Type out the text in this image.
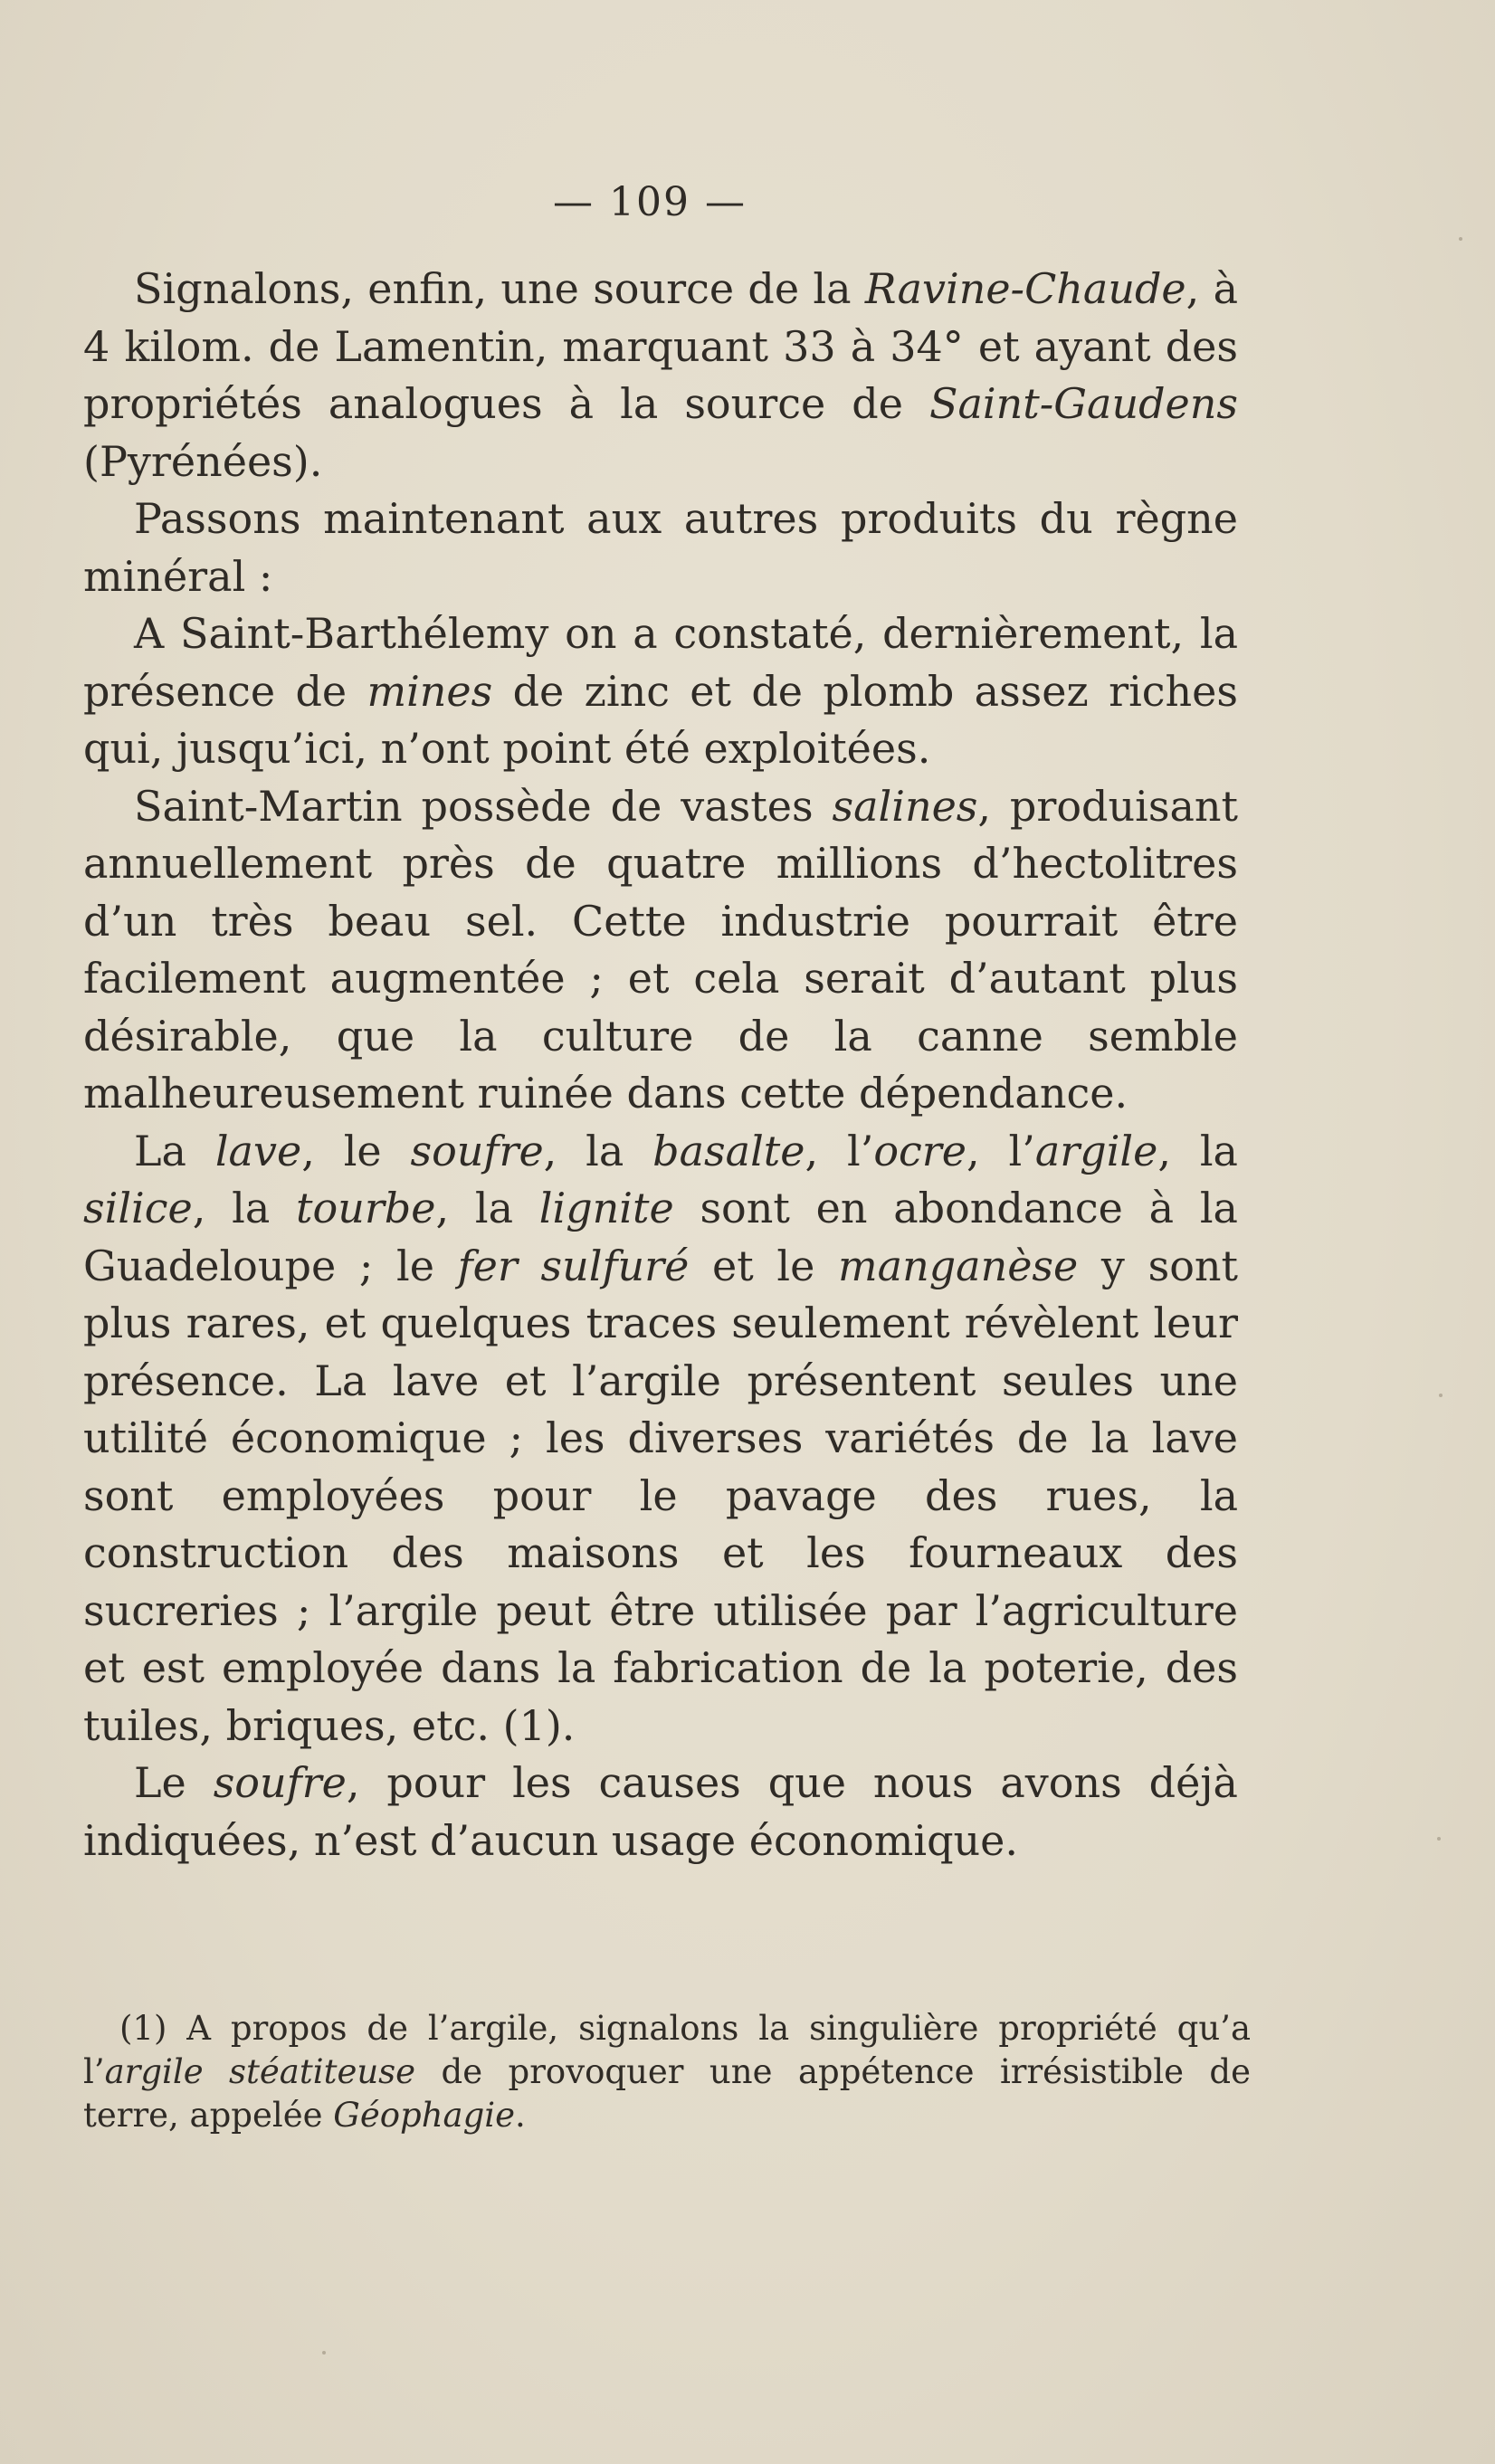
— 109 —

Signalons, enfin, une source de la Ravine-Chaude, à 4 kilom. de Lamentin, marquant 33 à 34° et ayant des propriétés analogues à la source de Saint-Gaudens (Pyrénées).

Passons maintenant aux autres produits du règne minéral :

A Saint-Barthélemy on a constaté, dernièrement, la présence de mines de zinc et de plomb assez riches qui, jusqu’ici, n’ont point été exploitées.

Saint-Martin possède de vastes salines, produisant annuellement près de quatre millions d’hectolitres d’un très beau sel. Cette industrie pourrait être facilement augmentée ; et cela serait d’autant plus désirable, que la culture de la canne semble malheureusement ruinée dans cette dépendance.

La lave, le soufre, la basalte, l’ocre, l’argile, la silice, la tourbe, la lignite sont en abondance à la Guadeloupe ; le fer sulfuré et le manganèse y sont plus rares, et quelques traces seulement révèlent leur présence. La lave et l’argile présentent seules une utilité économique ; les diverses variétés de la lave sont employées pour le pavage des rues, la construction des maisons et les fourneaux des sucreries ; l’argile peut être utilisée par l’agriculture et est employée dans la fabrication de la poterie, des tuiles, briques, etc. (1).

Le soufre, pour les causes que nous avons déjà indiquées, n’est d’aucun usage économique.

(1) A propos de l’argile, signalons la singulière propriété qu’a l’argile stéatiteuse de provoquer une appétence irrésistible de terre, appelée Géophagie.
